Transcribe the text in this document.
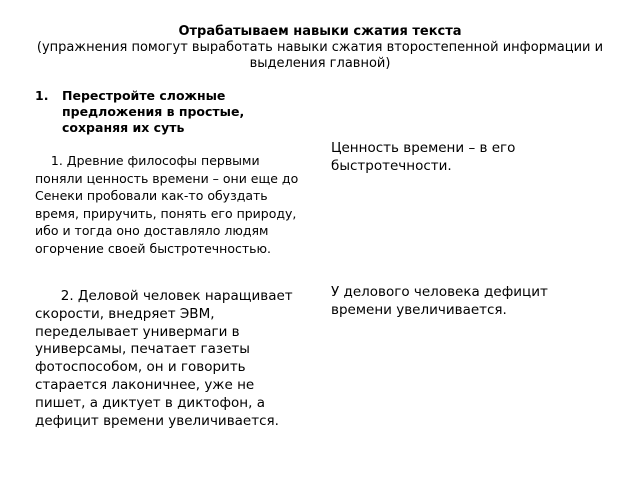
Отрабатываем навыки сжатия текста
(упражнения помогут выработать навыки сжатия второстепенной информации и выделения главной)
1. Перестройте сложные предложения в простые, сохраняя их суть
1. Древние философы первыми поняли ценность времени – они еще до Сенеки пробовали как-то обуздать время, приручить, понять его природу, ибо и тогда оно доставляло людям огорчение своей быстротечностью.
2. Деловой человек наращивает скорости, внедряет ЭВМ, переделывает универмаги в универсамы, печатает газеты фотоспособом, он и говорить старается лаконичнее, уже не пишет, а диктует в диктофон, а дефицит времени увеличивается.
Ценность времени – в его быстротечности.
У делового человека дефицит времени увеличивается.
